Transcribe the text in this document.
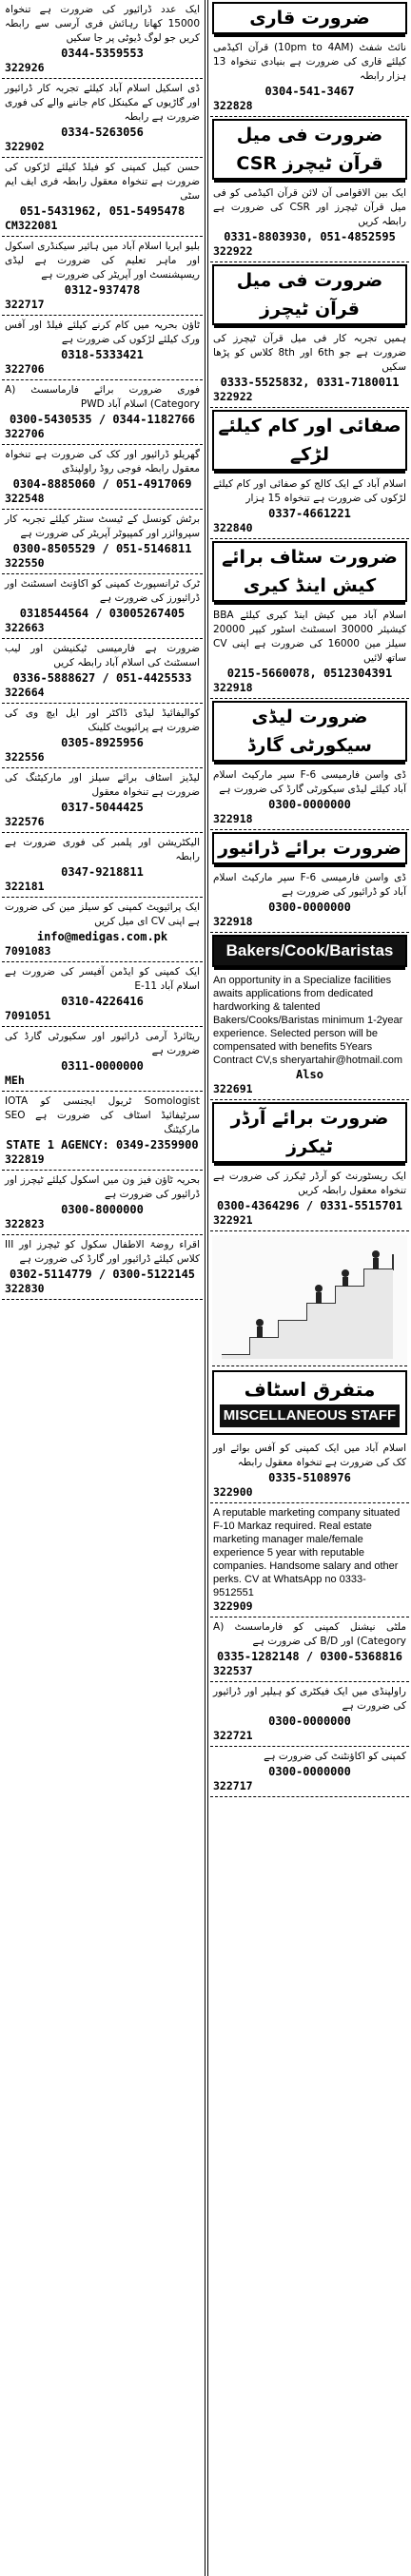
ایک عدد ڈرائیور کی ضرورت ہے تنخواہ 15000 کھانا رہائش فری آرسی سے رابطہ کریں جو لوگ ڈیوٹی پر جا سکیں
0344-5359553
322926
ڈی اسکیل اسلام آباد کیلئے تجربہ کار ڈرائیور اور گاڑیوں کے مکینکل کام جاننے والے کی فوری ضرورت ہے رابطہ
0334-5263056
322902
حسن کیبل کمپنی کو فیلڈ کیلئے لڑکوں کی ضرورت ہے تنخواہ معقول رابطہ فری ایف ایم سٹی
051-5431962, 051-5495478
CM322081
بلیو ایریا اسلام آباد میں ہائیر سیکنڈری اسکول اور ماہر تعلیم کی ضرورت ہے لیڈی ریسپشنسٹ اور آپریٹر کی ضرورت ہے
0312-937478
322717
ٹاؤن بحریہ میں کام کرنے کیلئے فیلڈ اور آفس ورک کیلئے لڑکوں کی ضرورت ہے
0318-5333421
322706
فوری ضرورت برائے فارماسسٹ (A Category) اسلام آباد PWD
0300-5430535 / 0344-1182766
322706
گھریلو ڈرائیور اور کک کی ضرورت ہے تنخواہ معقول رابطہ فوجی روڈ راولپنڈی
0304-8885060 / 051-4917069
322548
برٹش کونسل کے ٹیسٹ سنٹر کیلئے تجربہ کار سپروائزر اور کمپیوٹر آپریٹر کی ضرورت ہے
0300-8505529 / 051-5146811
322550
ٹرک ٹرانسپورٹ کمپنی کو اکاؤنٹ اسسٹنٹ اور ڈرائیورز کی ضرورت ہے
0318544564 / 03005267405
322663
ضرورت ہے فارمیسی ٹیکنیشن اور لیب اسسٹنٹ کی اسلام آباد رابطہ کریں
0336-5888627 / 051-4425533
322664
کوالیفائیڈ لیڈی ڈاکٹر اور ایل ایچ وی کی ضرورت ہے پرائیویٹ کلینک
0305-8925956
322556
لیڈیز اسٹاف برائے سیلز اور مارکیٹنگ کی ضرورت ہے تنخواہ معقول
0317-5044425
322576
الیکٹریشن اور پلمبر کی فوری ضرورت ہے رابطہ
0347-9218811
322181
ایک پرائیویٹ کمپنی کو سیلز مین کی ضرورت ہے اپنی CV ای میل کریں
info@medigas.com.pk
7091083
ایک کمپنی کو ایڈمن آفیسر کی ضرورت ہے اسلام آباد E-11
0310-4226416
7091051
ریٹائرڈ آرمی ڈرائیور اور سکیورٹی گارڈ کی ضرورت ہے
0311-0000000
MEh
Somologist ٹریول ایجنسی کو IOTA سرٹیفائیڈ اسٹاف کی ضرورت ہے SEO مارکیٹنگ
STATE 1 AGENCY: 0349-2359900
322819
بحریہ ٹاؤن فیز ون میں اسکول کیلئے ٹیچرز اور ڈرائیور کی ضرورت ہے
0300-8000000
322823
اقراء روضۃ الاطفال سکول کو ٹیچرز اور III کلاس کیلئے ڈرائیور اور گارڈ کی ضرورت ہے
0302-5114779 / 0300-5122145
322830
ضرورت قاری
نائٹ شفٹ (10pm to 4AM) قرآن اکیڈمی کیلئے قاری کی ضرورت ہے بنیادی تنخواہ 13 ہزار رابطہ
0304-541-3467
322828
ضرورت فی میل قرآن ٹیچرز CSR
ایک بین الاقوامی آن لائن قرآن اکیڈمی کو فی میل قرآن ٹیچرز اور CSR کی ضرورت ہے رابطہ کریں
0331-8803930, 051-4852595
322922
ضرورت فی میل قرآن ٹیچرز
ہمیں تجربہ کار فی میل قرآن ٹیچرز کی ضرورت ہے جو 6th اور 8th کلاس کو پڑھا سکیں
0333-5525832, 0331-7180011
322922
صفائی اور کام کیلئے لڑکے
اسلام آباد کے ایک کالج کو صفائی اور کام کیلئے لڑکوں کی ضرورت ہے تنخواہ 15 ہزار
0337-4661221
322840
ضرورت سٹاف برائے کیش اینڈ کیری
اسلام آباد میں کیش اینڈ کیری کیلئے BBA کیشیئر 30000 اسسٹنٹ اسٹور کیپر 20000 سیلز مین 16000 کی ضرورت ہے اپنی CV ساتھ لائیں
0215-5660078, 0512304391
322918
ضرورت لیڈی سیکورٹی گارڈ
ڈی واسن فارمیسی F-6 سپر مارکیٹ اسلام آباد کیلئے لیڈی سیکورٹی گارڈ کی ضرورت ہے
0300-0000000
322918
ضرورت برائے ڈرائیور
ڈی واسن فارمیسی F-6 سپر مارکیٹ اسلام آباد کو ڈرائیور کی ضرورت ہے
0300-0000000
322918
Bakers/Cook/Baristas
An opportunity in a Specialize facilities awaits applications from dedicated hardworking & talented Bakers/Cooks/Baristas minimum 1-2year experience. Selected person will be compensated with benefits 5Years Contract CV,s sheryartahir@hotmail.com
Also
322691
ضرورت برائے آرڈر ٹیکرز
ایک ریسٹورنٹ کو آرڈر ٹیکرز کی ضرورت ہے تنخواہ معقول رابطہ کریں
0300-4364296 / 0331-5515701
322921
متفرق اسٹاف
MISCELLANEOUS STAFF
اسلام آباد میں ایک کمپنی کو آفس بوائے اور کک کی ضرورت ہے تنخواہ معقول رابطہ
0335-5108976
322900
A reputable marketing company situated F-10 Markaz required. Real estate marketing manager male/female experience 5 year with reputable companies. Handsome salary and other perks. CV at WhatsApp no 0333-9512551
322909
ملٹی نیشنل کمپنی کو فارماسسٹ (A Category) اور B/D کی ضرورت ہے
0335-1282148 / 0300-5368816
322537
راولپنڈی میں ایک فیکٹری کو ہیلپر اور ڈرائیور کی ضرورت ہے
0300-0000000
322721
کمپنی کو اکاؤنٹنٹ کی ضرورت ہے
0300-0000000
322717
